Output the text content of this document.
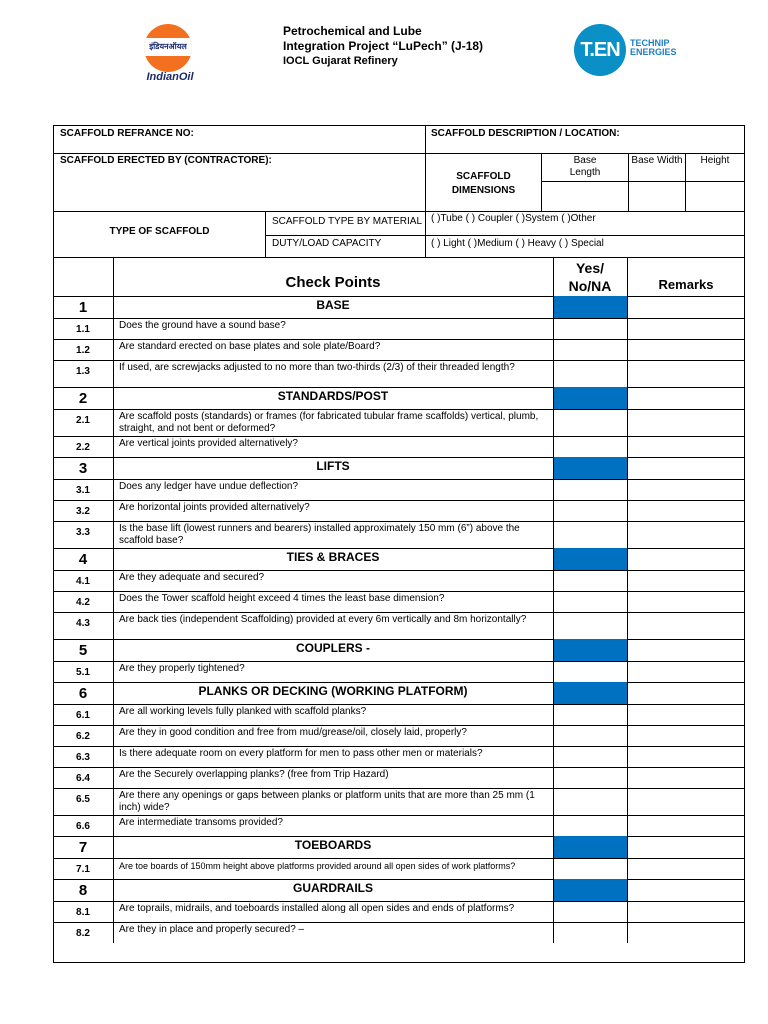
इंडियनऑयल
IndianOil
Petrochemical and Lube
Integration Project “LuPech” (J-18)
IOCL Gujarat Refinery	T.EN	TECHNIP
ENERGIES
SCAFFOLD REFRANCE NO:	SCAFFOLD DESCRIPTION / LOCATION:
SCAFFOLD ERECTED BY (CONTRACTORE):
SCAFFOLD
DIMENSIONS
Base
Length
Base Width	Height
TYPE OF SCAFFOLD
SCAFFOLD TYPE BY MATERIAL ( )Tube ( ) Coupler ( )System ( )Other
DUTY/LOAD CAPACITY	( ) Light ( )Medium ( ) Heavy ( ) Special
Check Points
Yes/
No/NA	Remarks
1	BASE
1.1	Does the ground have a sound base?
1.2	Are standard erected on base plates and sole plate/Board?
1.3	If used, are screwjacks adjusted to no more than two-thirds (2/3) of their threaded length?
2	STANDARDS/POST
2.1	Are scaffold posts (standards) or frames (for fabricated tubular frame scaffolds) vertical, plumb, straight, and not bent or deformed?
2.2	Are vertical joints provided alternatively?
3	LIFTS
3.1	Does any ledger have undue deflection?
3.2	Are horizontal joints provided alternatively?
3.3	Is the base lift (lowest runners and bearers) installed approximately 150 mm (6”) above the scaffold base?
4	TIES & BRACES
4.1	Are they adequate and secured?
4.2	Does the Tower scaffold height exceed 4 times the least base dimension?
4.3	Are back ties (independent Scaffolding) provided at every 6m vertically and 8m horizontally?
5	COUPLERS -
5.1	Are they properly tightened?
6	PLANKS OR DECKING (WORKING PLATFORM)
6.1	Are all working levels fully planked with scaffold planks?
6.2	Are they in good condition and free from mud/grease/oil, closely laid, properly?
6.3	Is there adequate room on every platform for men to pass other men or materials?
6.4	Are the Securely overlapping planks? (free from Trip Hazard)
6.5	Are there any openings or gaps between planks or platform units that are more than 25 mm (1 inch) wide?
6.6	Are intermediate transoms provided?
7	TOEBOARDS
7.1	Are toe boards of 150mm height above platforms provided around all open sides of work platforms?
8	GUARDRAILS
8.1	Are toprails, midrails, and toeboards installed along all open sides and ends of platforms?
8.2	Are they in place and properly secured? –
